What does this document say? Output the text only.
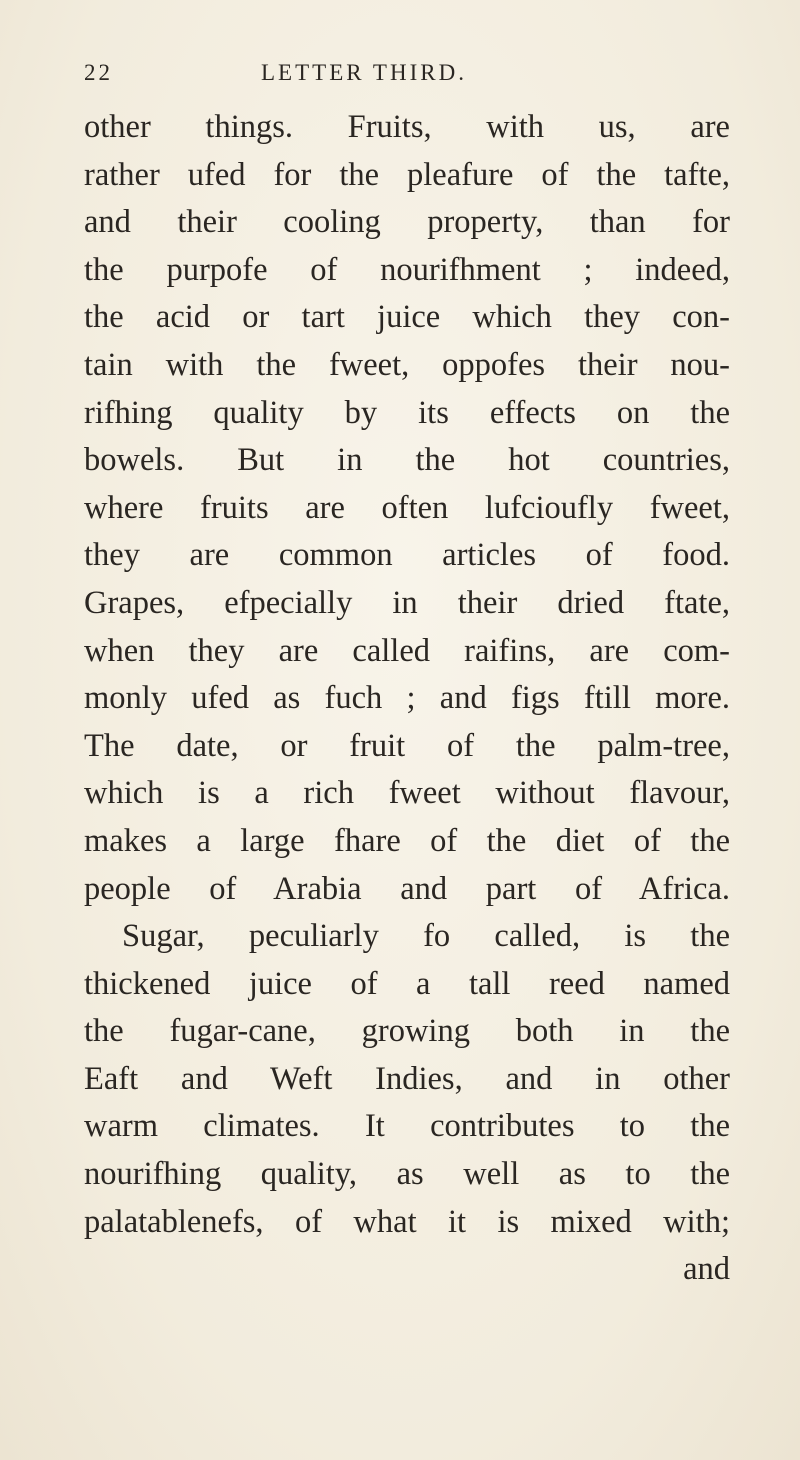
22	LETTER THIRD.
other things. Fruits, with us, are
rather ufed for the pleafure of the tafte,
and their cooling property, than for
the purpofe of nourifhment ; indeed,
the acid or tart juice which they con-
tain with the fweet, oppofes their nou-
rifhing quality by its effects on the
bowels. But in the hot countries,
where fruits are often lufcioufly fweet,
they are common articles of food.
Grapes, efpecially in their dried ftate,
when they are called raifins, are com-
monly ufed as fuch ; and figs ftill more.
The date, or fruit of the palm-tree,
which is a rich fweet without flavour,
makes a large fhare of the diet of the
people of Arabia and part of Africa.
Sugar, peculiarly fo called, is the
thickened juice of a tall reed named
the fugar-cane, growing both in the
Eaft and Weft Indies, and in other
warm climates. It contributes to the
nourifhing quality, as well as to the
palatablenefs, of what it is mixed with;
and
